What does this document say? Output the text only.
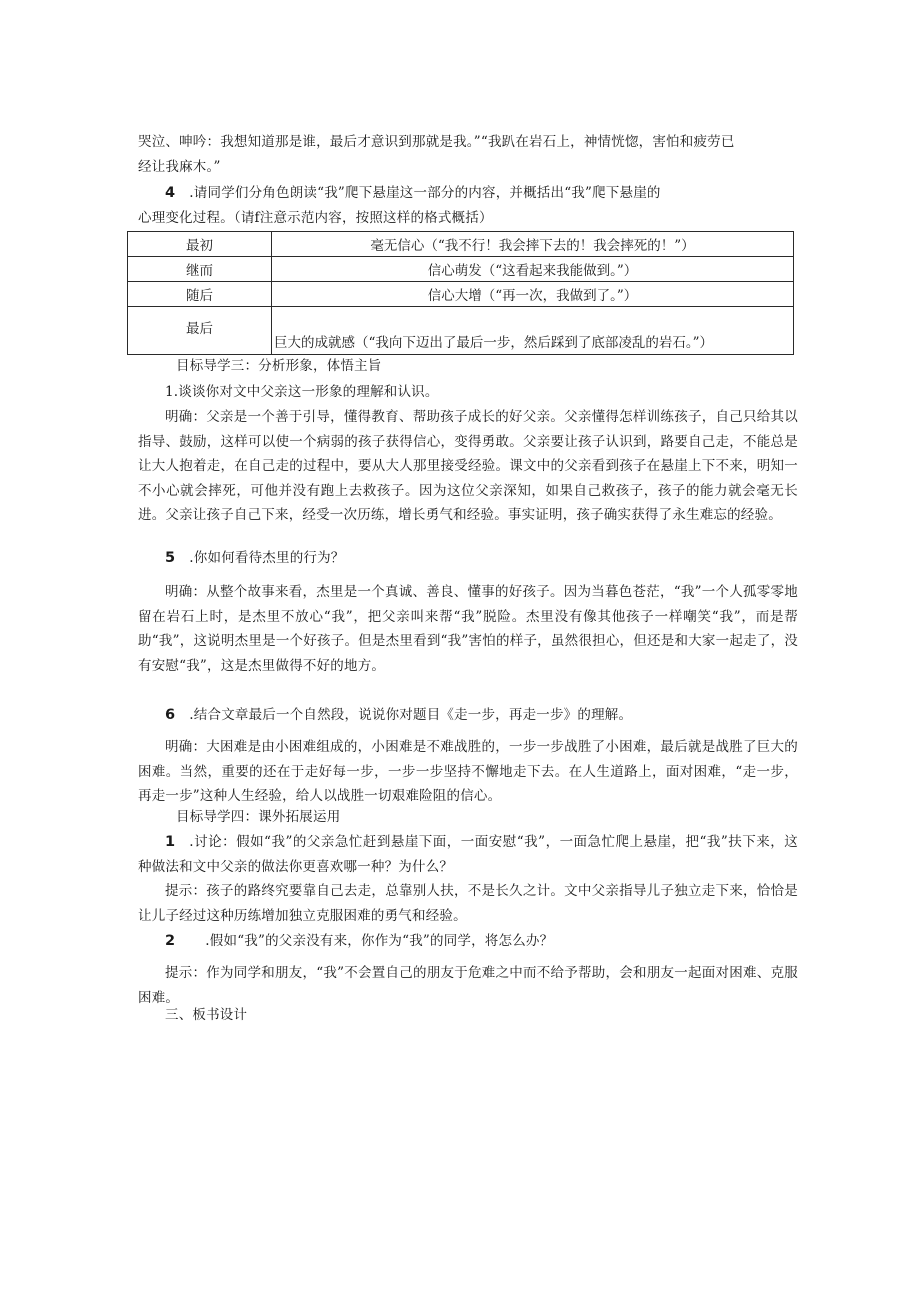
哭泣、呻吟：我想知道那是谁，最后才意识到那就是我。”“我趴在岩石上，神情恍惚，害怕和疲劳已
经让我麻木。”

4 .请同学们分角色朗读“我”爬下悬崖这一部分的内容，并概括出“我”爬下悬崖的

心理变化过程。（请f注意示范内容，按照这样的格式概括）

最初	毫无信心（“我不行！我会摔下去的！我会摔死的！”）
继而	信心萌发（“这看起来我能做到。”）
随后	信心大增（“再一次，我做到了。”）
最后	巨大的成就感（“我向下迈出了最后一步，然后踩到了底部凌乱的岩石。”）

目标导学三：分析形象，体悟主旨

1.谈谈你对文中父亲这一形象的理解和认识。

明确：父亲是一个善于引导，懂得教育、帮助孩子成长的好父亲。父亲懂得怎样训练孩子，自己只给其以指导、鼓励，这样可以使一个病弱的孩子获得信心，变得勇敢。父亲要让孩子认识到，路要自己走，不能总是让大人抱着走，在自己走的过程中，要从大人那里接受经验。课文中的父亲看到孩子在悬崖上下不来，明知一不小心就会摔死，可他并没有跑上去救孩子。因为这位父亲深知，如果自己救孩子，孩子的能力就会毫无长进。父亲让孩子自己下来，经受一次历练，增长勇气和经验。事实证明，孩子确实获得了永生难忘的经验。

5 .你如何看待杰里的行为？

明确：从整个故事来看，杰里是一个真诚、善良、懂事的好孩子。因为当暮色苍茫，“我”一个人孤零零地留在岩石上时，是杰里不放心“我”，把父亲叫来帮“我”脱险。杰里没有像其他孩子一样嘲笑“我”，而是帮助“我”，这说明杰里是一个好孩子。但是杰里看到“我”害怕的样子，虽然很担心，但还是和大家一起走了，没有安慰“我”，这是杰里做得不好的地方。

6 .结合文章最后一个自然段，说说你对题目《走一步，再走一步》的理解。

明确：大困难是由小困难组成的，小困难是不难战胜的，一步一步战胜了小困难，最后就是战胜了巨大的困难。当然，重要的还在于走好每一步，一步一步坚持不懈地走下去。在人生道路上，面对困难，“走一步，再走一步”这种人生经验，给人以战胜一切艰难险阻的信心。

目标导学四：课外拓展运用

1 .讨论：假如“我”的父亲急忙赶到悬崖下面，一面安慰“我”，一面急忙爬上悬崖，把“我”扶下来，这种做法和文中父亲的做法你更喜欢哪一种？为什么？

提示：孩子的路终究要靠自己去走，总靠别人扶，不是长久之计。文中父亲指导儿子独立走下来，恰恰是让儿子经过这种历练增加独立克服困难的勇气和经验。

2 .假如“我”的父亲没有来，你作为“我”的同学，将怎么办？

提示：作为同学和朋友，“我”不会置自己的朋友于危难之中而不给予帮助，会和朋友一起面对困难、克服困难。

三、板书设计
